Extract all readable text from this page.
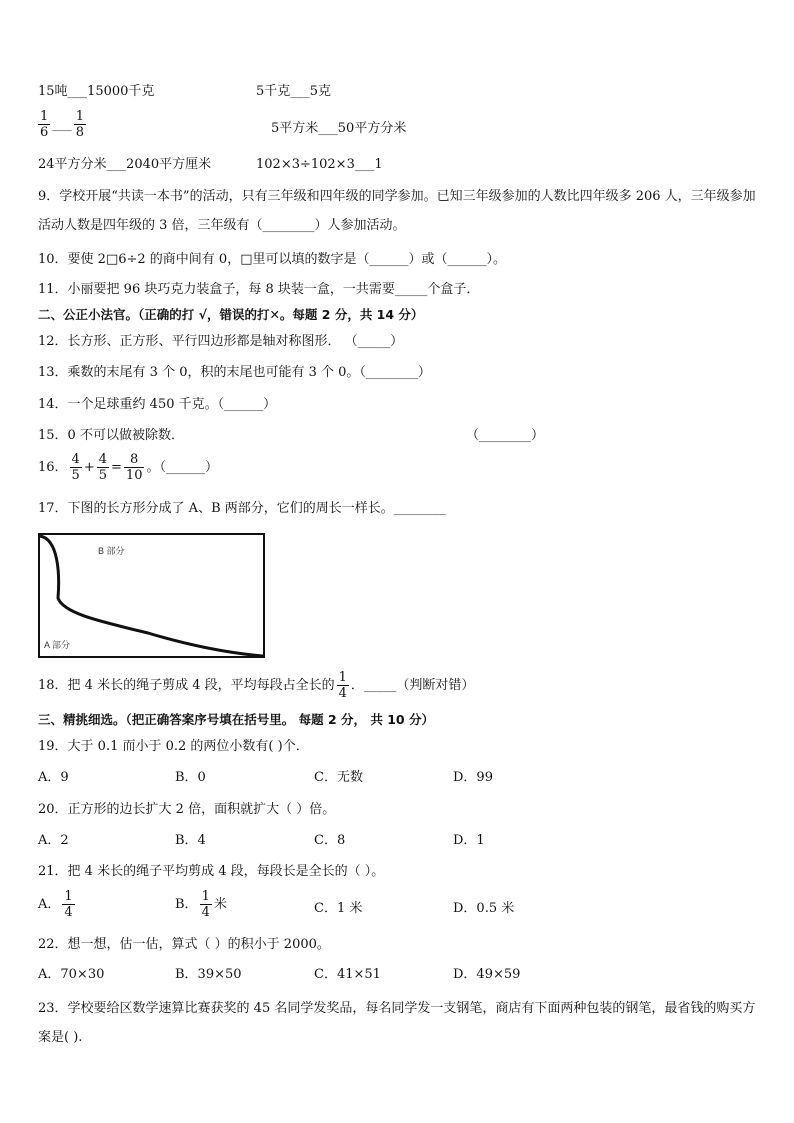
15吨___15000千克	5千克___5克
$\frac{1}{6}$ ___ $\frac{1}{8}$	5平方米___50平方分米
24平方分米___2040平方厘米	102×3÷102×3___1
9．学校开展“共读一本书”的活动，只有三年级和四年级的同学参加。已知三年级参加的人数比四年级多 206 人，三年级参加活动人数是四年级的 3 倍，三年级有（________）人参加活动。
10．要使 2□6÷2 的商中间有 0，□里可以填的数字是（______）或（______）。
11．小丽要把 96 块巧克力装盒子，每 8 块装一盒，一共需要_____个盒子．
二、公正小法官。（正确的打 √，错误的打✕。每题 2 分，共 14 分）
12．长方形、正方形、平行四边形都是轴对称图形． （_____）
13．乘数的末尾有 3 个 0，积的末尾也可能有 3 个 0。（________）
14．一个足球重约 450 千克。（______）
15．0 不可以做被除数．	（________）
16． $\frac{4}{5} + \frac{4}{5} = \frac{8}{10}$ 。（______）
17．下图的长方形分成了 A、B 两部分，它们的周长一样长。________
B 部分
A 部分
18．把 4 米长的绳子剪成 4 段，平均每段占全长的 $\frac{1}{4}$ ．_____（判断对错）
三、精挑细选。（把正确答案序号填在括号里。 每题 2 分， 共 10 分）
19．大于 0.1 而小于 0.2 的两位小数有( )个．
A．9	B．0	C．无数	D．99
20．正方形的边长扩大 2 倍，面积就扩大（ ）倍。
A．2	B．4	C．8	D．1
21．把 4 米长的绳子平均剪成 4 段，每段长是全长的（ ）。
A． $\frac{1}{4}$	B． $\frac{1}{4}$ 米	C．1 米	D．0.5 米
22．想一想，估一估，算式（ ）的积小于 2000。
A．70×30	B．39×50	C．41×51	D．49×59
23．学校要给区数学速算比赛获奖的 45 名同学发奖品，每名同学发一支钢笔，商店有下面两种包装的钢笔，最省钱的购买方案是( ).
